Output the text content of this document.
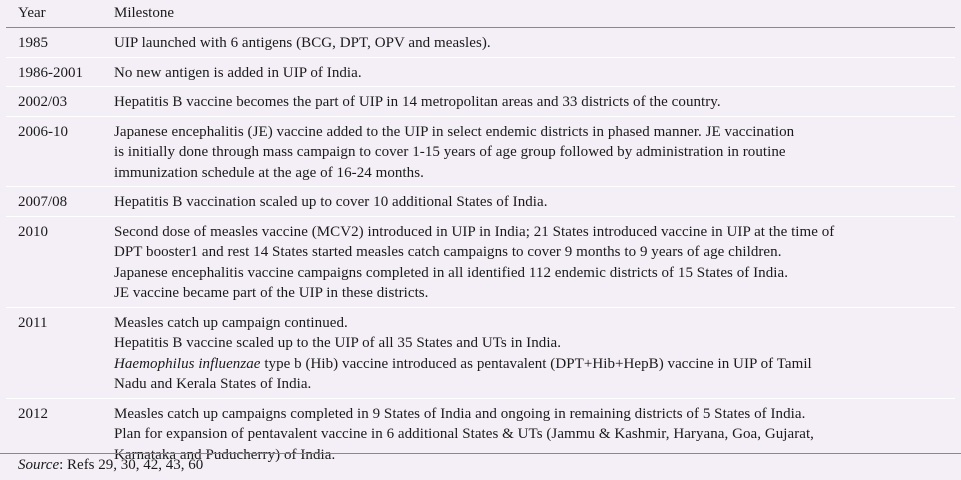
Year	Milestone
1985	UIP launched with 6 antigens (BCG, DPT, OPV and measles).

1986-2001	No new antigen is added in UIP of India.

2002/03	Hepatitis B vaccine becomes the part of UIP in 14 metropolitan areas and 33 districts of the country.

2006-10	Japanese encephalitis (JE) vaccine added to the UIP in select endemic districts in phased manner. JE vaccination
is initially done through mass campaign to cover 1-15 years of age group followed by administration in routine
immunization schedule at the age of 16-24 months.

2007/08	Hepatitis B vaccination scaled up to cover 10 additional States of India.

2010	Second dose of measles vaccine (MCV2) introduced in UIP in India; 21 States introduced vaccine in UIP at the time of
DPT booster1 and rest 14 States started measles catch campaigns to cover 9 months to 9 years of age children.
Japanese encephalitis vaccine campaigns completed in all identified 112 endemic districts of 15 States of India.
JE vaccine became part of the UIP in these districts.

2011	Measles catch up campaign continued.
Hepatitis B vaccine scaled up to the UIP of all 35 States and UTs in India.
Haemophilus influenzae type b (Hib) vaccine introduced as pentavalent (DPT+Hib+HepB) vaccine in UIP of Tamil
Nadu and Kerala States of India.

2012	Measles catch up campaigns completed in 9 States of India and ongoing in remaining districts of 5 States of India.
Plan for expansion of pentavalent vaccine in 6 additional States & UTs (Jammu & Kashmir, Haryana, Goa, Gujarat,
Karnataka and Puducherry) of India.
Source: Refs 29, 30, 42, 43, 60
